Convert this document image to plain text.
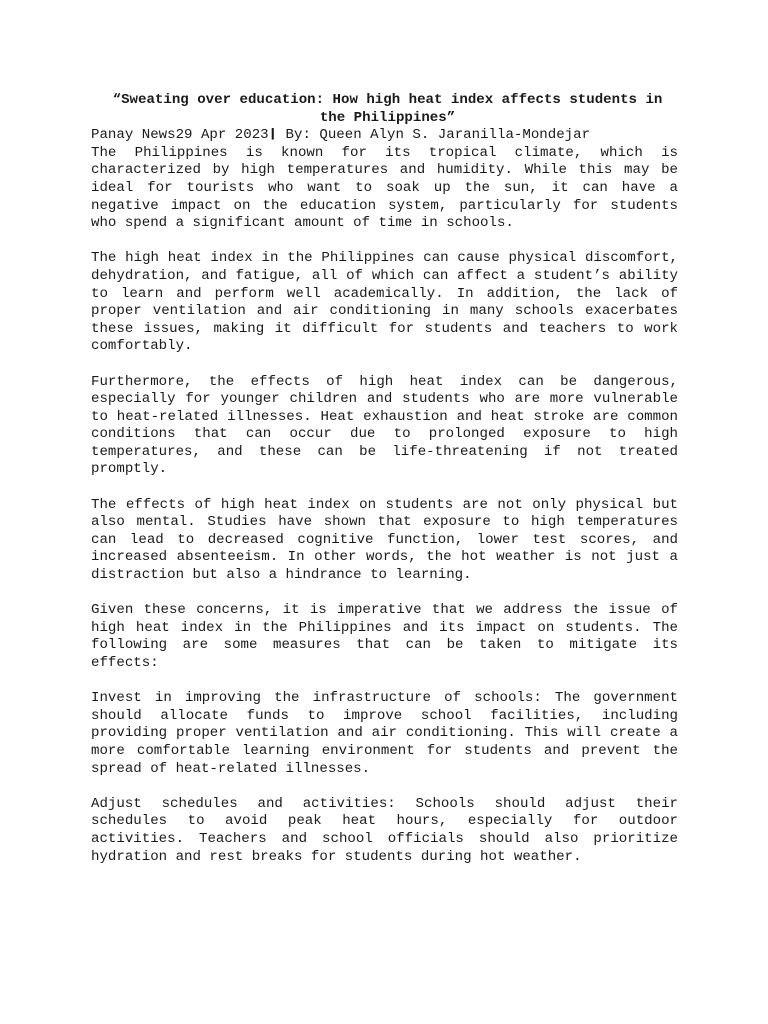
“Sweating over education: How high heat index affects students in the Philippines”
Panay News29 Apr 2023❙ By: Queen Alyn S. Jaranilla-Mondejar

The Philippines is known for its tropical climate, which is characterized by high temperatures and humidity. While this may be ideal for tourists who want to soak up the sun, it can have a negative impact on the education system, particularly for students who spend a significant amount of time in schools.

The high heat index in the Philippines can cause physical discomfort, dehydration, and fatigue, all of which can affect a student’s ability to learn and perform well academically. In addition, the lack of proper ventilation and air conditioning in many schools exacerbates these issues, making it difficult for students and teachers to work comfortably.

Furthermore, the effects of high heat index can be dangerous, especially for younger children and students who are more vulnerable to heat-related illnesses. Heat exhaustion and heat stroke are common conditions that can occur due to prolonged exposure to high temperatures, and these can be life-threatening if not treated promptly.

The effects of high heat index on students are not only physical but also mental. Studies have shown that exposure to high temperatures can lead to decreased cognitive function, lower test scores, and increased absenteeism. In other words, the hot weather is not just a distraction but also a hindrance to learning.

Given these concerns, it is imperative that we address the issue of high heat index in the Philippines and its impact on students. The following are some measures that can be taken to mitigate its effects:

Invest in improving the infrastructure of schools: The government should allocate funds to improve school facilities, including providing proper ventilation and air conditioning. This will create a more comfortable learning environment for students and prevent the spread of heat-related illnesses.

Adjust schedules and activities: Schools should adjust their schedules to avoid peak heat hours, especially for outdoor activities. Teachers and school officials should also prioritize hydration and rest breaks for students during hot weather.
